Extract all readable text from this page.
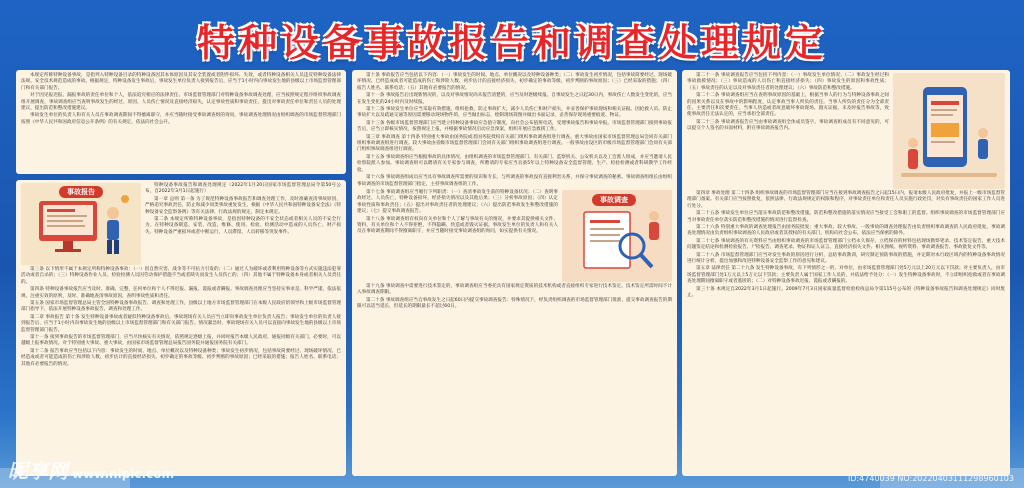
特种设备事故报告和调查处理规定

本规定所称特种设备事故，是指列入特种设备目录的特种设备因其本体原因及其安全装置或者附件损坏、失效，或者特种设备相关人员违反特种设备法律法规、安全技术规范造成的事故。根据规定，特种设备发生事故后，事故发生单位负责人接到报告后，应当于1小时内向事故发生地的县级以上市场监督管理部门和有关部门报告。

对于因见报迟报、漏报事故的责任单位和个人，依法追究相应的法律责任。市场监督管理部门对特种设备事故调查处理，应当按照规定程序组织事故调查组开展调查，事故调查组应当查明事故发生的经过、原因、人员伤亡情况及直接经济损失，认定事故性质和事故责任，提出对事故责任单位和责任人员的处理建议，提出防范和整改措施建议。

事故发生单位的负责人和有关人员在事故调查期间不得擅离职守，并应当随时接受事故调查组的询问，事故调查处理情况由组织调查的市场监督管理部门按照《中华人民共和国政府信息公开条例》的有关规定，依法向社会公开。

事故报告

特种设备事故报告和调查处理规定（2022年1月20日国家市场监督管理总局令第50号公布，自2022年3月1日起施行）

第一章 总则 第一条 为了规范特种设备事故报告和调查处理工作，及时准确查清事故原因，严格追究事故责任，防止和减少同类事故重复发生，根据《中华人民共和国特种设备安全法》《特种设备安全监察条例》等有关法律、行政法规的规定，制定本规定。

第二条 本规定所称特种设备事故，是指因特种设备的不安全状态或者相关人员的不安全行为，在特种设备制造、安装、改造、维修、使用、检验、检测活动中造成的人员伤亡、财产损失、特种设备严重损坏或者中断运行、人员滞留、人员转移等突发事件。

第三条 以下情形不属于本规定所称特种设备事故：（一）因自然灾害、战争等不可抗力引发的；（二）通过人为破坏或者利用特种设备等方式实施违法犯罪活动或者自杀的；（三）特种设备作业人员、检验检测人员因劳动保护措施不当或者缺失而发生人员伤亡的；（四）其他不属于特种设备本身或者相关人员责任的。

第四条 特种设备事故报告应当及时、准确、完整，任何单位和个人不得迟报、漏报、谎报或者瞒报。事故调查处理应当坚持实事求是、科学严谨、依法依规、注重实效的原则，及时、准确地查清事故原因，查明事故性质和责任。

第五条 国家市场监督管理总局主管全国特种设备事故报告、调查和处理工作，县级以上地方市场监督管理部门在本级人民政府的领导和上级市场监督管理部门指导下，依法开展特种设备事故报告、调查和处理工作。

第二章 事故报告 第十条 发生特种设备事故或者疑似特种设备事故后，事故现场有关人员应当立即向事故发生单位负责人报告；事故发生单位的负责人接到报告后，应当于1小时内向事故发生地的县级以上市场监督管理部门和有关部门报告。情况紧急时，事故现场有关人员可以直接向事故发生地的县级以上市场监督管理部门报告。

第十一条 接到事故报告的市场监督管理部门，应当尽快核实有关情况，依照规定逐级上报，并同时报告本级人民政府，通报同级有关部门。必要时，可以越级上报事故情况。对于特别重大事故、重大事故，由国家市场监督管理总局报告国务院并通报国务院有关部门。

第十二条 报告事故应当包括以下内容：事故发生的时间、地点、单位概况以及特种设备种类；事故发生初步情况，包括事故简要经过、现场破坏情况、已经造成或者可能造成的伤亡和涉险人数、初步估计的直接经济损失、初步确定的事故等级、初步判断的事故原因；已经采取的措施；报告人姓名、联系电话；其他有必要报告的情况。

第十条 事故报告应当包括以下内容：（一）事故发生的时间、地点、单位概况以及特种设备种类；（二）事故发生初步情况，包括事故简要经过、现场破坏情况、已经造成或者可能造成的伤亡和涉险人数、初步估计的直接经济损失、初步确定的事故等级、初步判断的事故原因；（三）已经采取的措施；（四）报告人姓名、联系电话；（五）其他有必要报告的情况。

第十一条 事故报告后出现新情况的，以及对事故情况尚未报告清楚的，应当及时逐级续报。自事故发生之日起30日内，事故伤亡人数发生变化的，应当在发生变化的24小时内及时续报。

第十二条 事故发生单位应当采取有效措施，组织抢救，防止事故扩大，减少人员伤亡和财产损失，并妥善保护事故现场和相关证据。因抢救人员、防止事故扩大以及疏通交通等原因需要移动现场物件的，应当做出标志，绘制现场简图并做出书面记录，妥善保存现场重要痕迹、物证。

第十三条 各级市场监督管理部门应当建立特种设备事故应急值守制度，向社会公布值班电话，受理事故报告和事故举报。市场监督管理部门接到事故报告后，应当立即核实情况，按照规定上报，并根据事故情况启动应急预案，组织开展应急救援工作。

第三章 事故调查 第十四条 特别重大事故由国务院或者国务院授权有关部门组织事故调查组进行调查。重大事故由国家市场监督管理总局会同有关部门组织事故调查组进行调查。较大事故由省级市场监督管理部门会同有关部门组织事故调查组进行调查。一般事故由设区的市级市场监督管理部门会同有关部门组织事故调查组进行调查。

第十五条 事故调查组应当根据事故的具体情况，由组织调查的市场监督管理部门、有关部门、监察机关、公安机关以及工会派人组成，并应当邀请人民检察院派人参加。事故调查组可以聘请有关专家参与调查，所聘请的专家应当具备5年以上特种设备安全监督管理、生产、检验检测或者科研教学工作经验。

第十六条 事故调查组成员应当具有事故调查所需要的知识和专长，与所调查的事故没有直接利害关系，并保守事故调查的秘密。事故调查组组长由组织事故调查的市场监督管理部门指定，主持事故调查组的工作。

第十七条 事故调查组应当履行下列职责：（一）查清事故发生前的特种设备状况；（二）查明事故经过、人员伤亡、特种设备损坏、经济损失情况以及其他后果；（三）分析事故原因；（四）认定事故性质和事故责任；（五）提出对事故责任者的处理建议；（六）提出防范事故发生和整改措施的建议；（七）提交事故调查报告。

第十八条 事故调查组有权向有关单位和个人了解与事故有关的情况，并要求其提供相关文件、资料，有关单位和个人不得拒绝，不得隐瞒、伪造或者毁灭证据。事故发生单位的负责人和有关人员在事故调查期间不得擅离职守，并应当随时接受事故调查组的询问，如实提供有关情况。

事故调查

第十九条 事故调查中需要进行技术鉴定的，事故调查组应当委托具有国家规定资质的技术机构或者直接组织专家进行技术鉴定。技术鉴定所需时间不计入事故调查期限。

第二十条 事故调查组应当自事故发生之日起60日内提交事故调查报告；特殊情况下，经负责组织调查的市场监督管理部门批准，提交事故调查报告的期限可以适当延长，但延长的期限最长不超过60日。

第二十一条 事故调查报告应当包括下列内容：（一）事故发生单位情况；（二）事故发生经过和事故救援情况；（三）事故造成的人员伤亡和直接经济损失；（四）事故发生的原因和事故性质；（五）事故责任的认定以及对事故责任者的处理建议；（六）事故防范和整改措施。

第二十二条 事故调查组应当在查明事故原因的基础上，根据当事人的行为与特种设备事故之间的因果关系以及在事故中的影响程度，认定事故当事人所负的责任。当事人所负的责任分为全部责任、主要责任和次要责任。当事人伪造或者故意破坏事故现场、毁灭证据、未及时报告事故等，致使事故责任无法认定的，应当承担全部责任。

第二十三条 事故调查报告应当由事故调查组全体成员签字。事故调查组成员有不同意见的，可以提交个人签名的书面材料，附在事故调查报告内。

第四章 事故处理 第二十四条 组织事故调查的市场监督管理部门应当在接到事故调查报告之日起15日内，报请本级人民政府批复，并报上一级市场监督管理部门备案。有关部门应当按照批复，依照法律、行政法规规定的权限和程序，对事故责任单位和责任人员实施行政处罚，对负有事故责任的国家工作人员进行处分。

第二十五条 事故发生单位应当落实事故防范和整改措施。防范和整改措施的落实情况应当接受工会和职工的监督。组织事故调查的市场监督管理部门应当对事故责任单位落实防范和整改措施的情况进行监督检查。

第二十六条 特别重大事故的调查处理报告由国务院批复；重大事故、较大事故、一般事故的调查处理报告由负责组织事故调查的人民政府批复，事故调查处理情况由负责组织事故调查的人民政府或者其授权的有关部门、机构向社会公布，依法应当保密的除外。

第二十七条 事故调查的有关资料应当由组织事故调查的市场监督管理部门立档永久保存。立档保存的材料包括现场勘察笔录、技术鉴定报告、重大技术问题鉴定结论和检测检验报告、尸检报告、调查笔录、物证和证人证言、直接经济损失文件、相关图纸、视听资料、事故调查报告、事故批复文件等。

第二十八条 市场监督管理部门应当对发生事故的原因进行分析，总结事故教训，研究制定预防事故的措施，并定期对本行政区域内的特种设备事故情况进行统计分析，提出加强和改进特种设备安全监察工作的意见和建议。

第五章 法律责任 第二十九条 发生特种设备事故，有下列情形之一的，对单位，由市场监督管理部门处5万元以上20万元以下罚款；对主要负责人，由市场监督管理部门处1万元以上5万元以下罚款；主要负责人属于国家工作人员的，并依法给予处分：（一）发生特种设备事故时，不立即组织抢救或者在事故调查处理期间擅离职守或者逃匿的；（二）对特种设备事故迟报、谎报或者瞒报的。

第三十条 本规定自2022年3月1日起施行。2009年7月3日国家质量监督检验检疫总局令第115号公布的《特种设备事故报告和调查处理规定》同时废止。

昵享网 www.nipic.com	ID:4740039 NO:20220403111298960103
